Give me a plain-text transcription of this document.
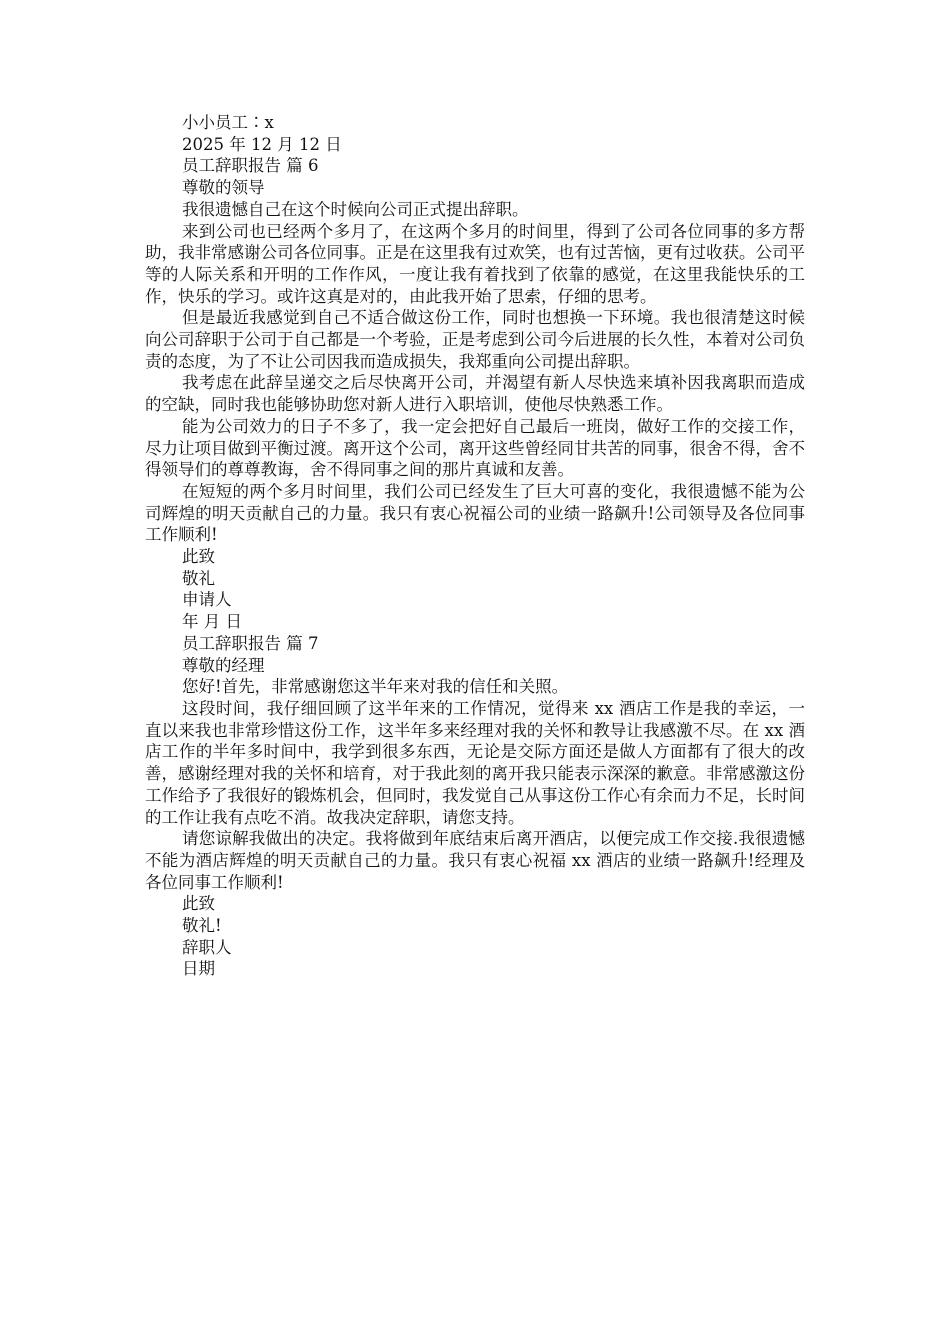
小小员工∶x

2025 年 12 月 12 日

员工辞职报告 篇 6

尊敬的领导

我很遗憾自己在这个时候向公司正式提出辞职。

来到公司也已经两个多月了，在这两个多月的时间里，得到了公司各位同事的多方帮助，我非常感谢公司各位同事。正是在这里我有过欢笑，也有过苦恼，更有过收获。公司平等的人际关系和开明的工作作风，一度让我有着找到了依靠的感觉，在这里我能快乐的工作，快乐的学习。或许这真是对的，由此我开始了思索，仔细的思考。

但是最近我感觉到自己不适合做这份工作，同时也想换一下环境。我也很清楚这时候向公司辞职于公司于自己都是一个考验，正是考虑到公司今后进展的长久性，本着对公司负责的态度，为了不让公司因我而造成损失，我郑重向公司提出辞职。

我考虑在此辞呈递交之后尽快离开公司，并渴望有新人尽快选来填补因我离职而造成的空缺，同时我也能够协助您对新人进行入职培训，使他尽快熟悉工作。

能为公司效力的日子不多了，我一定会把好自己最后一班岗，做好工作的交接工作，尽力让项目做到平衡过渡。离开这个公司，离开这些曾经同甘共苦的同事，很舍不得，舍不得领导们的尊尊教诲，舍不得同事之间的那片真诚和友善。

在短短的两个多月时间里，我们公司已经发生了巨大可喜的变化，我很遗憾不能为公司辉煌的明天贡献自己的力量。我只有衷心祝福公司的业绩一路飙升!公司领导及各位同事工作顺利!

此致

敬礼

申请人

年 月 日

员工辞职报告 篇 7

尊敬的经理

您好!首先，非常感谢您这半年来对我的信任和关照。

这段时间，我仔细回顾了这半年来的工作情况，觉得来 xx 酒店工作是我的幸运，一直以来我也非常珍惜这份工作，这半年多来经理对我的关怀和教导让我感激不尽。在 xx 酒店工作的半年多时间中，我学到很多东西，无论是交际方面还是做人方面都有了很大的改善，感谢经理对我的关怀和培育，对于我此刻的离开我只能表示深深的歉意。非常感激这份工作给予了我很好的锻炼机会，但同时，我发觉自己从事这份工作心有余而力不足，长时间的工作让我有点吃不消。故我决定辞职，请您支持。

请您谅解我做出的决定。我将做到年底结束后离开酒店，以便完成工作交接.我很遗憾不能为酒店辉煌的明天贡献自己的力量。我只有衷心祝福 xx 酒店的业绩一路飙升!经理及各位同事工作顺利!

此致

敬礼!

辞职人

日期
